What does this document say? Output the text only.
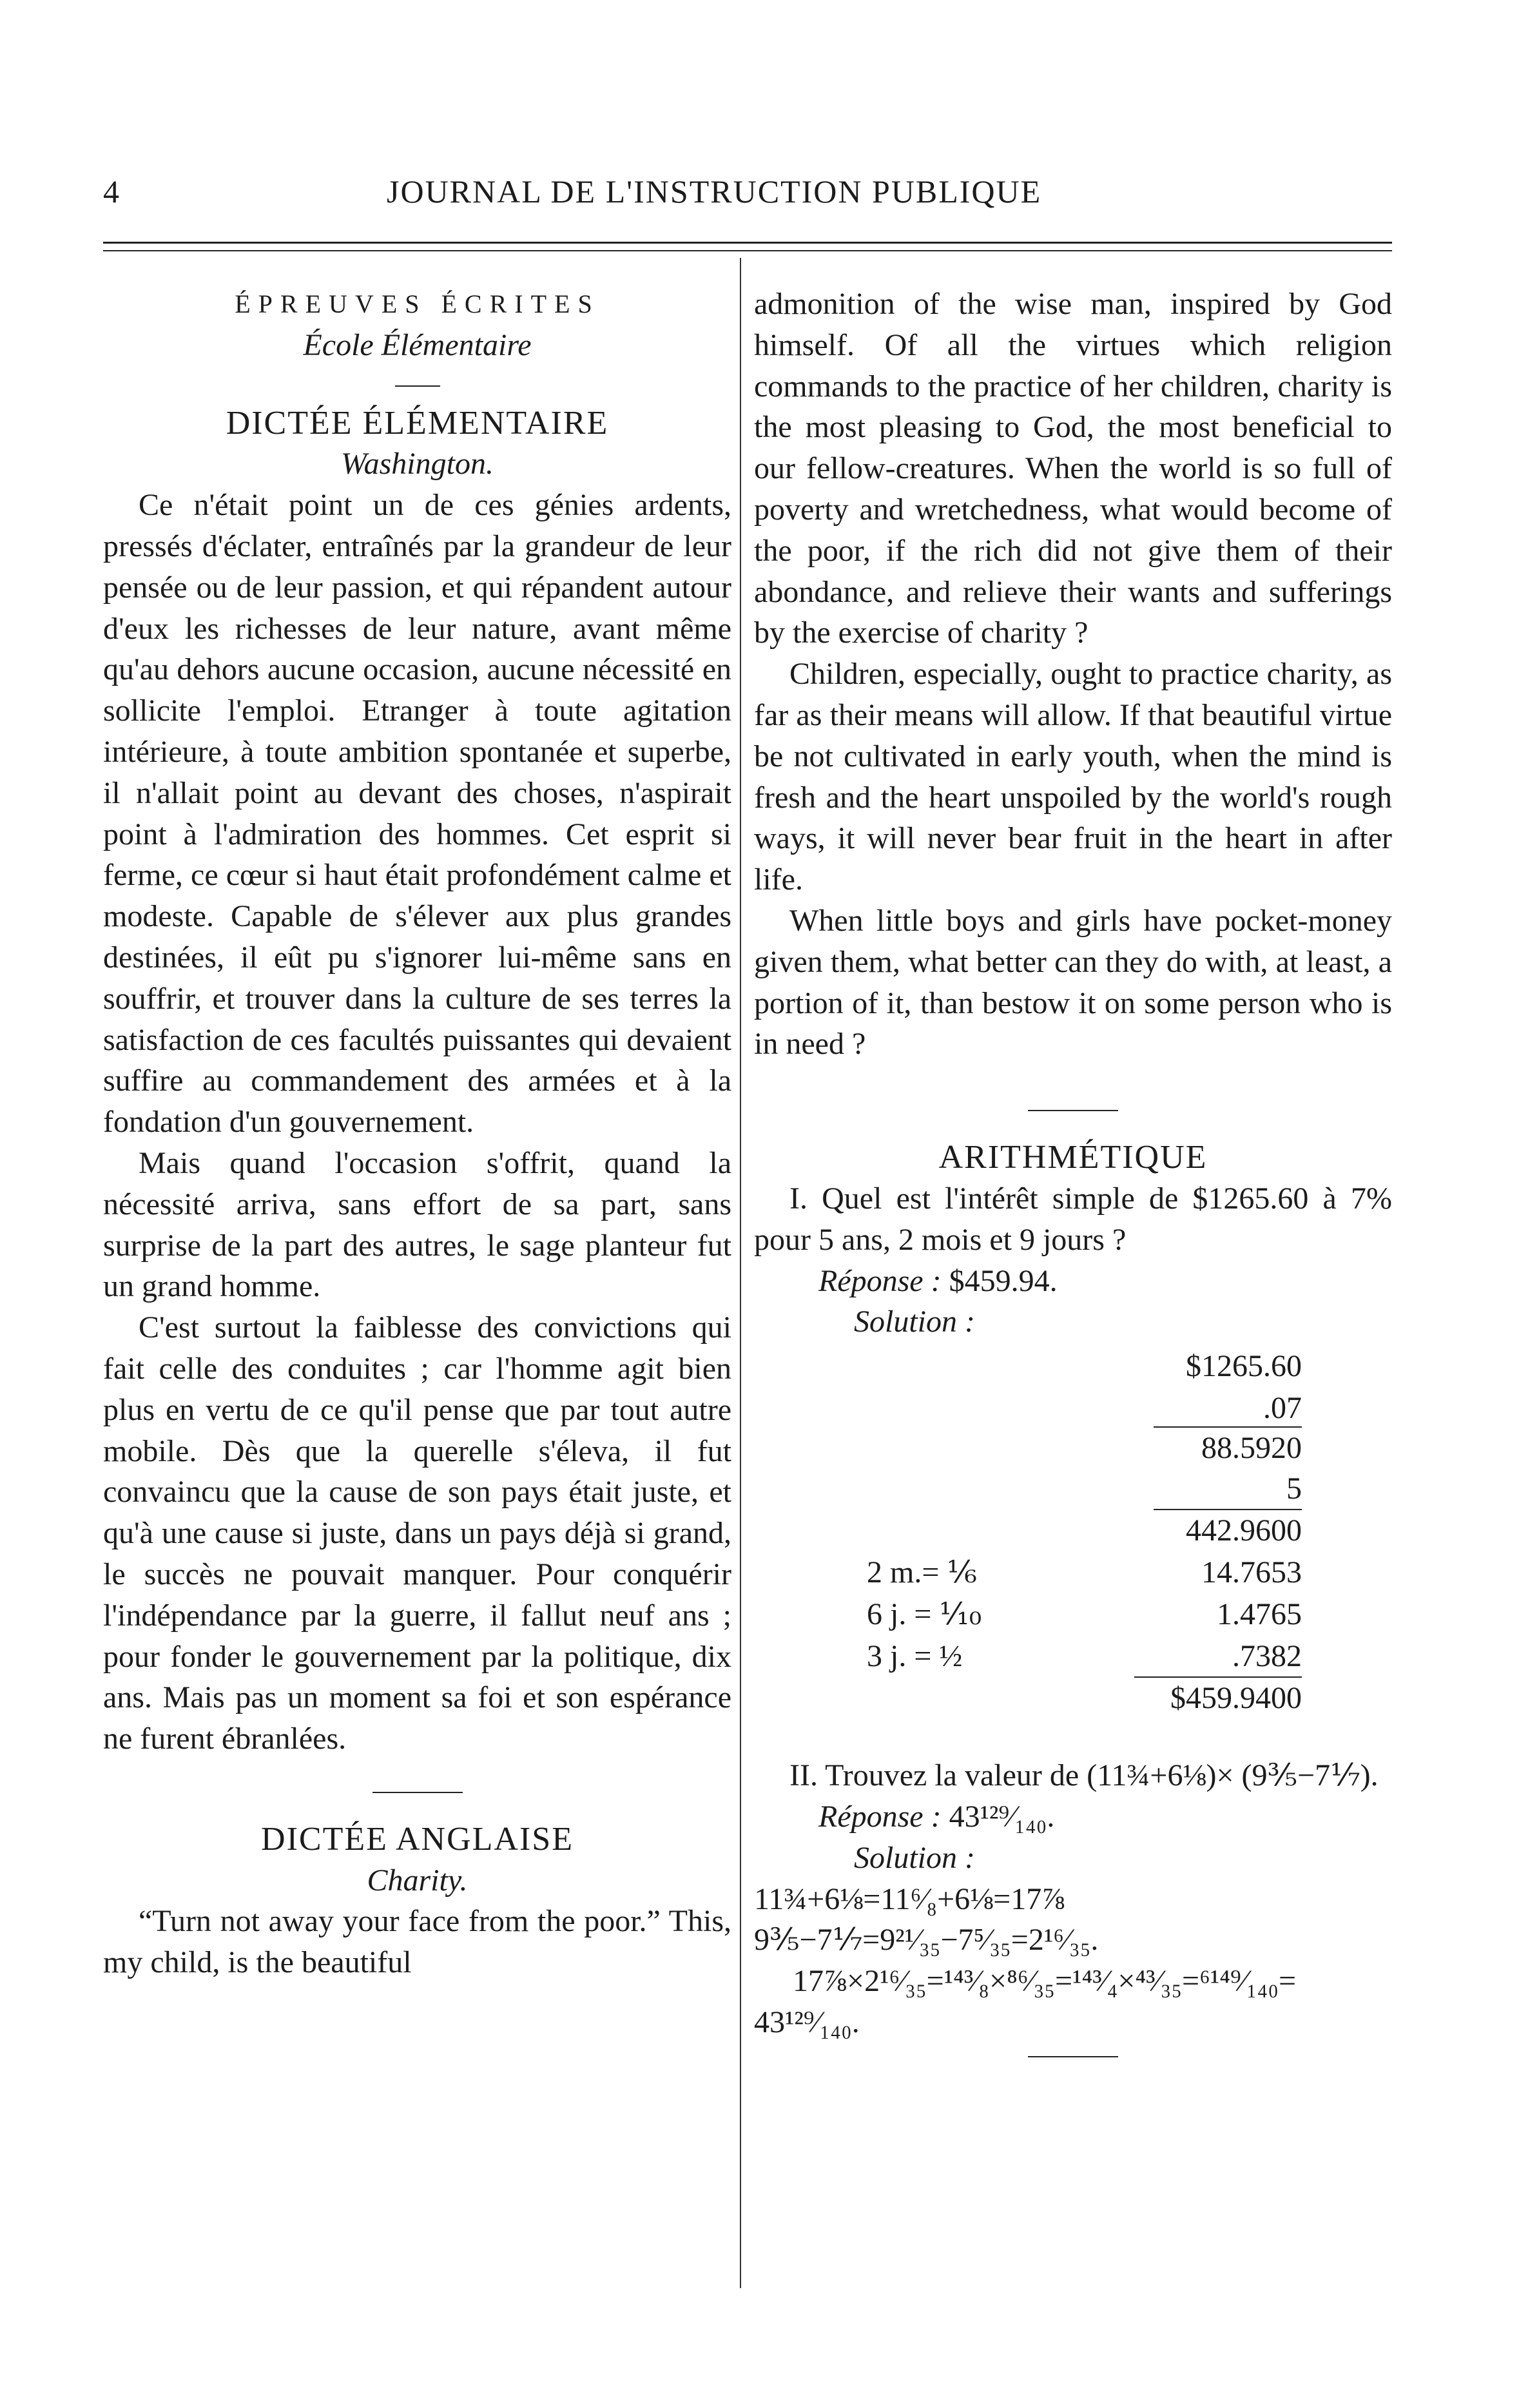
4	JOURNAL DE L'INSTRUCTION PUBLIQUE

ÉPREUVES ÉCRITES

École Élémentaire

DICTÉE ÉLÉMENTAIRE

Washington.

Ce n'était point un de ces génies ardents, pressés d'éclater, entraînés par la grandeur de leur pensée ou de leur passion, et qui répandent autour d'eux les richesses de leur nature, avant même qu'au dehors aucune occasion, aucune nécessité en sollicite l'emploi. Etranger à toute agitation intérieure, à toute ambition spontanée et superbe, il n'allait point au devant des choses, n'aspirait point à l'admiration des hommes. Cet esprit si ferme, ce cœur si haut était profondément calme et modeste. Capable de s'élever aux plus grandes destinées, il eût pu s'ignorer lui-même sans en souffrir, et trouver dans la culture de ses terres la satisfaction de ces facultés puissantes qui devaient suffire au commandement des armées et à la fondation d'un gouvernement.

Mais quand l'occasion s'offrit, quand la nécessité arriva, sans effort de sa part, sans surprise de la part des autres, le sage planteur fut un grand homme.

C'est surtout la faiblesse des convictions qui fait celle des conduites ; car l'homme agit bien plus en vertu de ce qu'il pense que par tout autre mobile. Dès que la querelle s'éleva, il fut convaincu que la cause de son pays était juste, et qu'à une cause si juste, dans un pays déjà si grand, le succès ne pouvait manquer. Pour conquérir l'indépendance par la guerre, il fallut neuf ans ; pour fonder le gouvernement par la politique, dix ans. Mais pas un moment sa foi et son espérance ne furent ébranlées.

DICTÉE ANGLAISE

Charity.

“Turn not away your face from the poor.” This, my child, is the beautiful

admonition of the wise man, inspired by God himself. Of all the virtues which religion commands to the practice of her children, charity is the most pleasing to God, the most beneficial to our fellow-creatures. When the world is so full of poverty and wretchedness, what would become of the poor, if the rich did not give them of their abondance, and relieve their wants and sufferings by the exercise of charity ?

Children, especially, ought to practice charity, as far as their means will allow. If that beautiful virtue be not cultivated in early youth, when the mind is fresh and the heart unspoiled by the world's rough ways, it will never bear fruit in the heart in after life.

When little boys and girls have pocket-money given them, what better can they do with, at least, a portion of it, than bestow it on some person who is in need ?

ARITHMÉTIQUE

I. Quel est l'intérêt simple de $1265.60 à 7% pour 5 ans, 2 mois et 9 jours ?

Réponse : $459.94.

Solution :

$1265.60
.07
88.5920
5
442.9600
2 m.= ⅙	14.7653
6 j. = ⅒	1.4765
3 j. = ½	.7382
$459.9400

II. Trouvez la valeur de (11¾+6⅛)× (9⅗−7⅐).

Réponse : 43¹²⁹⁄₁₄₀.

Solution :

11¾+6⅛=11⁶⁄₈+6⅛=17⅞

9⅗−7⅐=9²¹⁄₃₅−7⁵⁄₃₅=2¹⁶⁄₃₅.

17⅞×2¹⁶⁄₃₅=¹⁴³⁄₈×⁸⁶⁄₃₅=¹⁴³⁄₄×⁴³⁄₃₅=⁶¹⁴⁹⁄₁₄₀=

43¹²⁹⁄₁₄₀.
